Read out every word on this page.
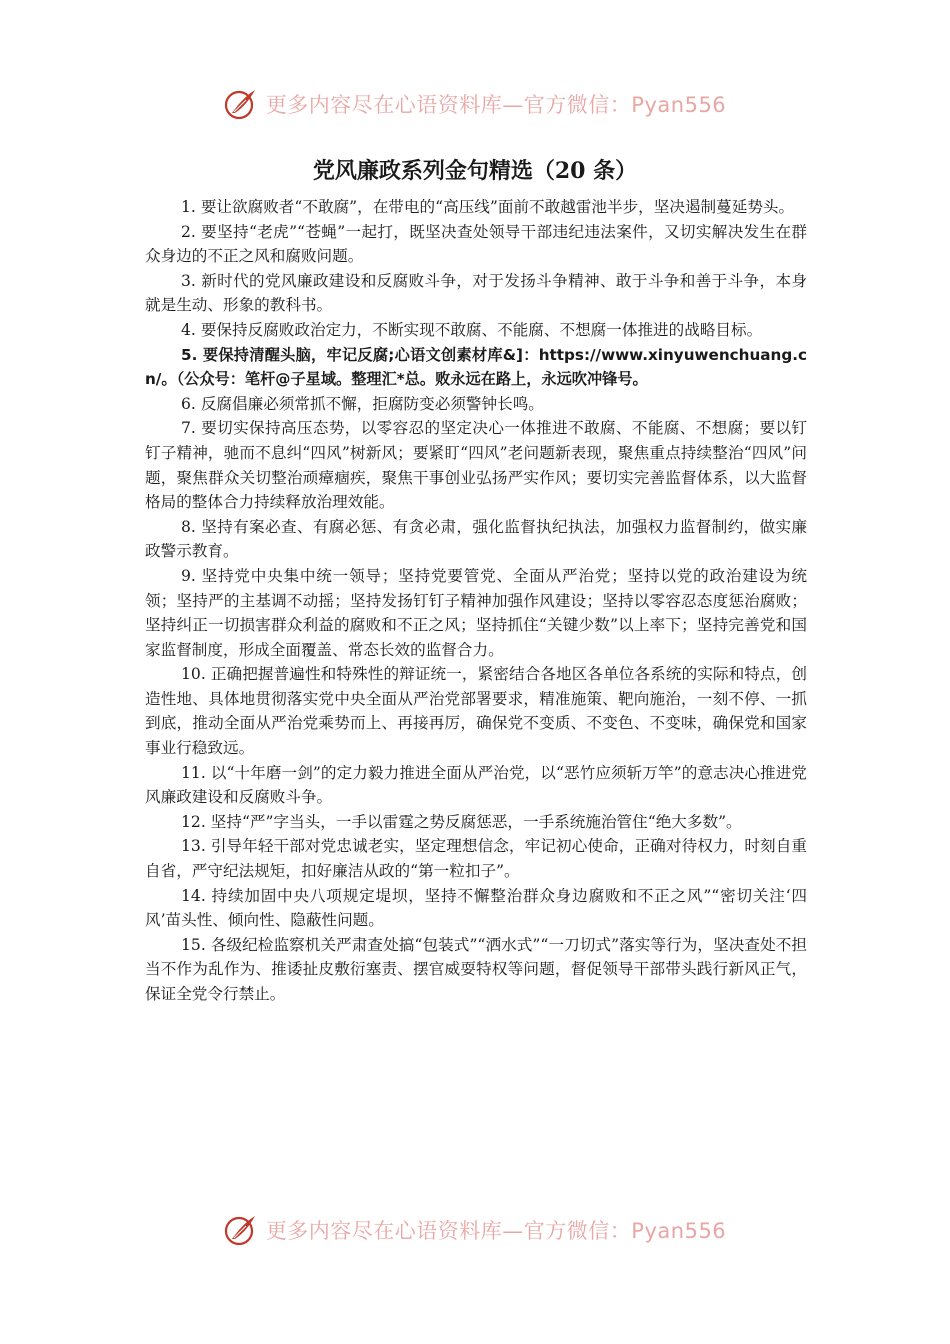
更多内容尽在心语资料库—官方微信：Pyan556
党风廉政系列金句精选（20 条）

1. 要让欲腐败者“不敢腐”，在带电的“高压线”面前不敢越雷池半步，坚决遏制蔓延势头。

2. 要坚持“老虎”“苍蝇”一起打，既坚决查处领导干部违纪违法案件，又切实解决发生在群众身边的不正之风和腐败问题。

3. 新时代的党风廉政建设和反腐败斗争，对于发扬斗争精神、敢于斗争和善于斗争，本身就是生动、形象的教科书。

4. 要保持反腐败政治定力，不断实现不敢腐、不能腐、不想腐一体推进的战略目标。

5. 要保持清醒头脑，牢记反腐;心语文创素材库&]：https://www.xinyuwenchuang.cn/。（公众号：笔杆@子星域。整理汇*总。败永远在路上，永远吹冲锋号。

6. 反腐倡廉必须常抓不懈，拒腐防变必须警钟长鸣。

7. 要切实保持高压态势，以零容忍的坚定决心一体推进不敢腐、不能腐、不想腐；要以钉钉子精神，驰而不息纠“四风”树新风；要紧盯“四风”老问题新表现，聚焦重点持续整治“四风”问题，聚焦群众关切整治顽瘴痼疾，聚焦干事创业弘扬严实作风；要切实完善监督体系，以大监督格局的整体合力持续释放治理效能。

8. 坚持有案必查、有腐必惩、有贪必肃，强化监督执纪执法，加强权力监督制约，做实廉政警示教育。

9. 坚持党中央集中统一领导；坚持党要管党、全面从严治党；坚持以党的政治建设为统领；坚持严的主基调不动摇；坚持发扬钉钉子精神加强作风建设；坚持以零容忍态度惩治腐败；坚持纠正一切损害群众利益的腐败和不正之风；坚持抓住“关键少数”以上率下；坚持完善党和国家监督制度，形成全面覆盖、常态长效的监督合力。

10. 正确把握普遍性和特殊性的辩证统一，紧密结合各地区各单位各系统的实际和特点，创造性地、具体地贯彻落实党中央全面从严治党部署要求，精准施策、靶向施治，一刻不停、一抓到底，推动全面从严治党乘势而上、再接再厉，确保党不变质、不变色、不变味，确保党和国家事业行稳致远。

11. 以“十年磨一剑”的定力毅力推进全面从严治党，以“恶竹应须斩万竿”的意志决心推进党风廉政建设和反腐败斗争。

12. 坚持“严”字当头，一手以雷霆之势反腐惩恶，一手系统施治管住“绝大多数”。

13. 引导年轻干部对党忠诚老实，坚定理想信念，牢记初心使命，正确对待权力，时刻自重自省，严守纪法规矩，扣好廉洁从政的“第一粒扣子”。

14. 持续加固中央八项规定堤坝，坚持不懈整治群众身边腐败和不正之风”“密切关注‘四风’苗头性、倾向性、隐蔽性问题。

15. 各级纪检监察机关严肃查处搞“包装式”“洒水式”“一刀切式”落实等行为，坚决查处不担当不作为乱作为、推诿扯皮敷衍塞责、摆官威耍特权等问题，督促领导干部带头践行新风正气，保证全党令行禁止。

更多内容尽在心语资料库—官方微信：Pyan556
